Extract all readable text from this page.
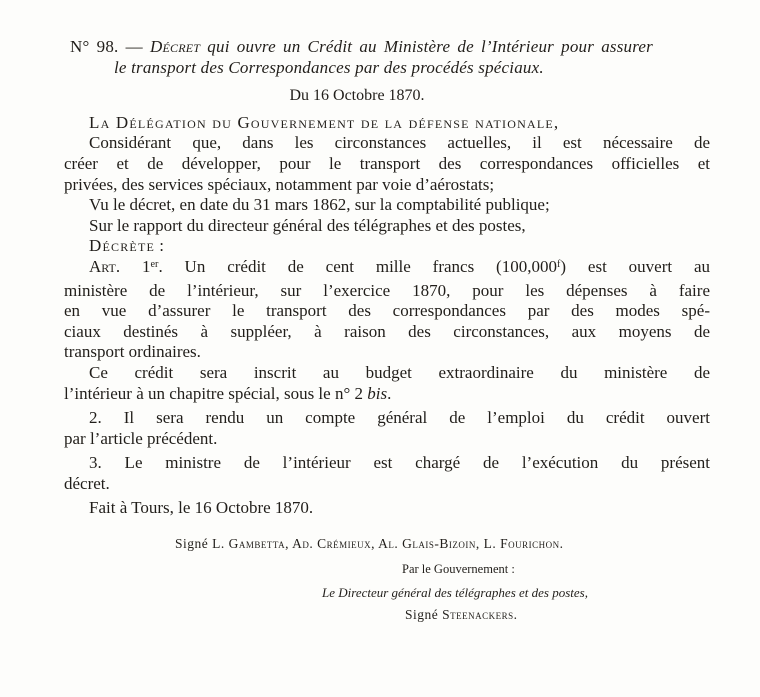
N° 98. — Décret qui ouvre un Crédit au Ministère de l’Intérieur pour assurer
le transport des Correspondances par des procédés spéciaux.
Du 16 Octobre 1870.
La Délégation du Gouvernement de la défense nationale,
Considérant que, dans les circonstances actuelles, il est nécessaire de
créer et de développer, pour le transport des correspondances officielles et
privées, des services spéciaux, notamment par voie d’aérostats;
Vu le décret, en date du 31 mars 1862, sur la comptabilité publique;
Sur le rapport du directeur général des télégraphes et des postes,
Décrète :
Art. 1er. Un crédit de cent mille francs (100,000$^f$) est ouvert au
ministère de l’intérieur, sur l’exercice 1870, pour les dépenses à faire
en vue d’assurer le transport des correspondances par des modes spé-
ciaux destinés à suppléer, à raison des circonstances, aux moyens de
transport ordinaires.
Ce crédit sera inscrit au budget extraordinaire du ministère de
l’intérieur à un chapitre spécial, sous le n° 2 bis.
2. Il sera rendu un compte général de l’emploi du crédit ouvert
par l’article précédent.
3. Le ministre de l’intérieur est chargé de l’exécution du présent
décret.
Fait à Tours, le 16 Octobre 1870.
Signé L. Gambetta, Ad. Crémieux, Al. Glais-Bizoin, L. Fourichon.
Par le Gouvernement :
Le Directeur général des télégraphes et des postes,
Signé Steenackers.
